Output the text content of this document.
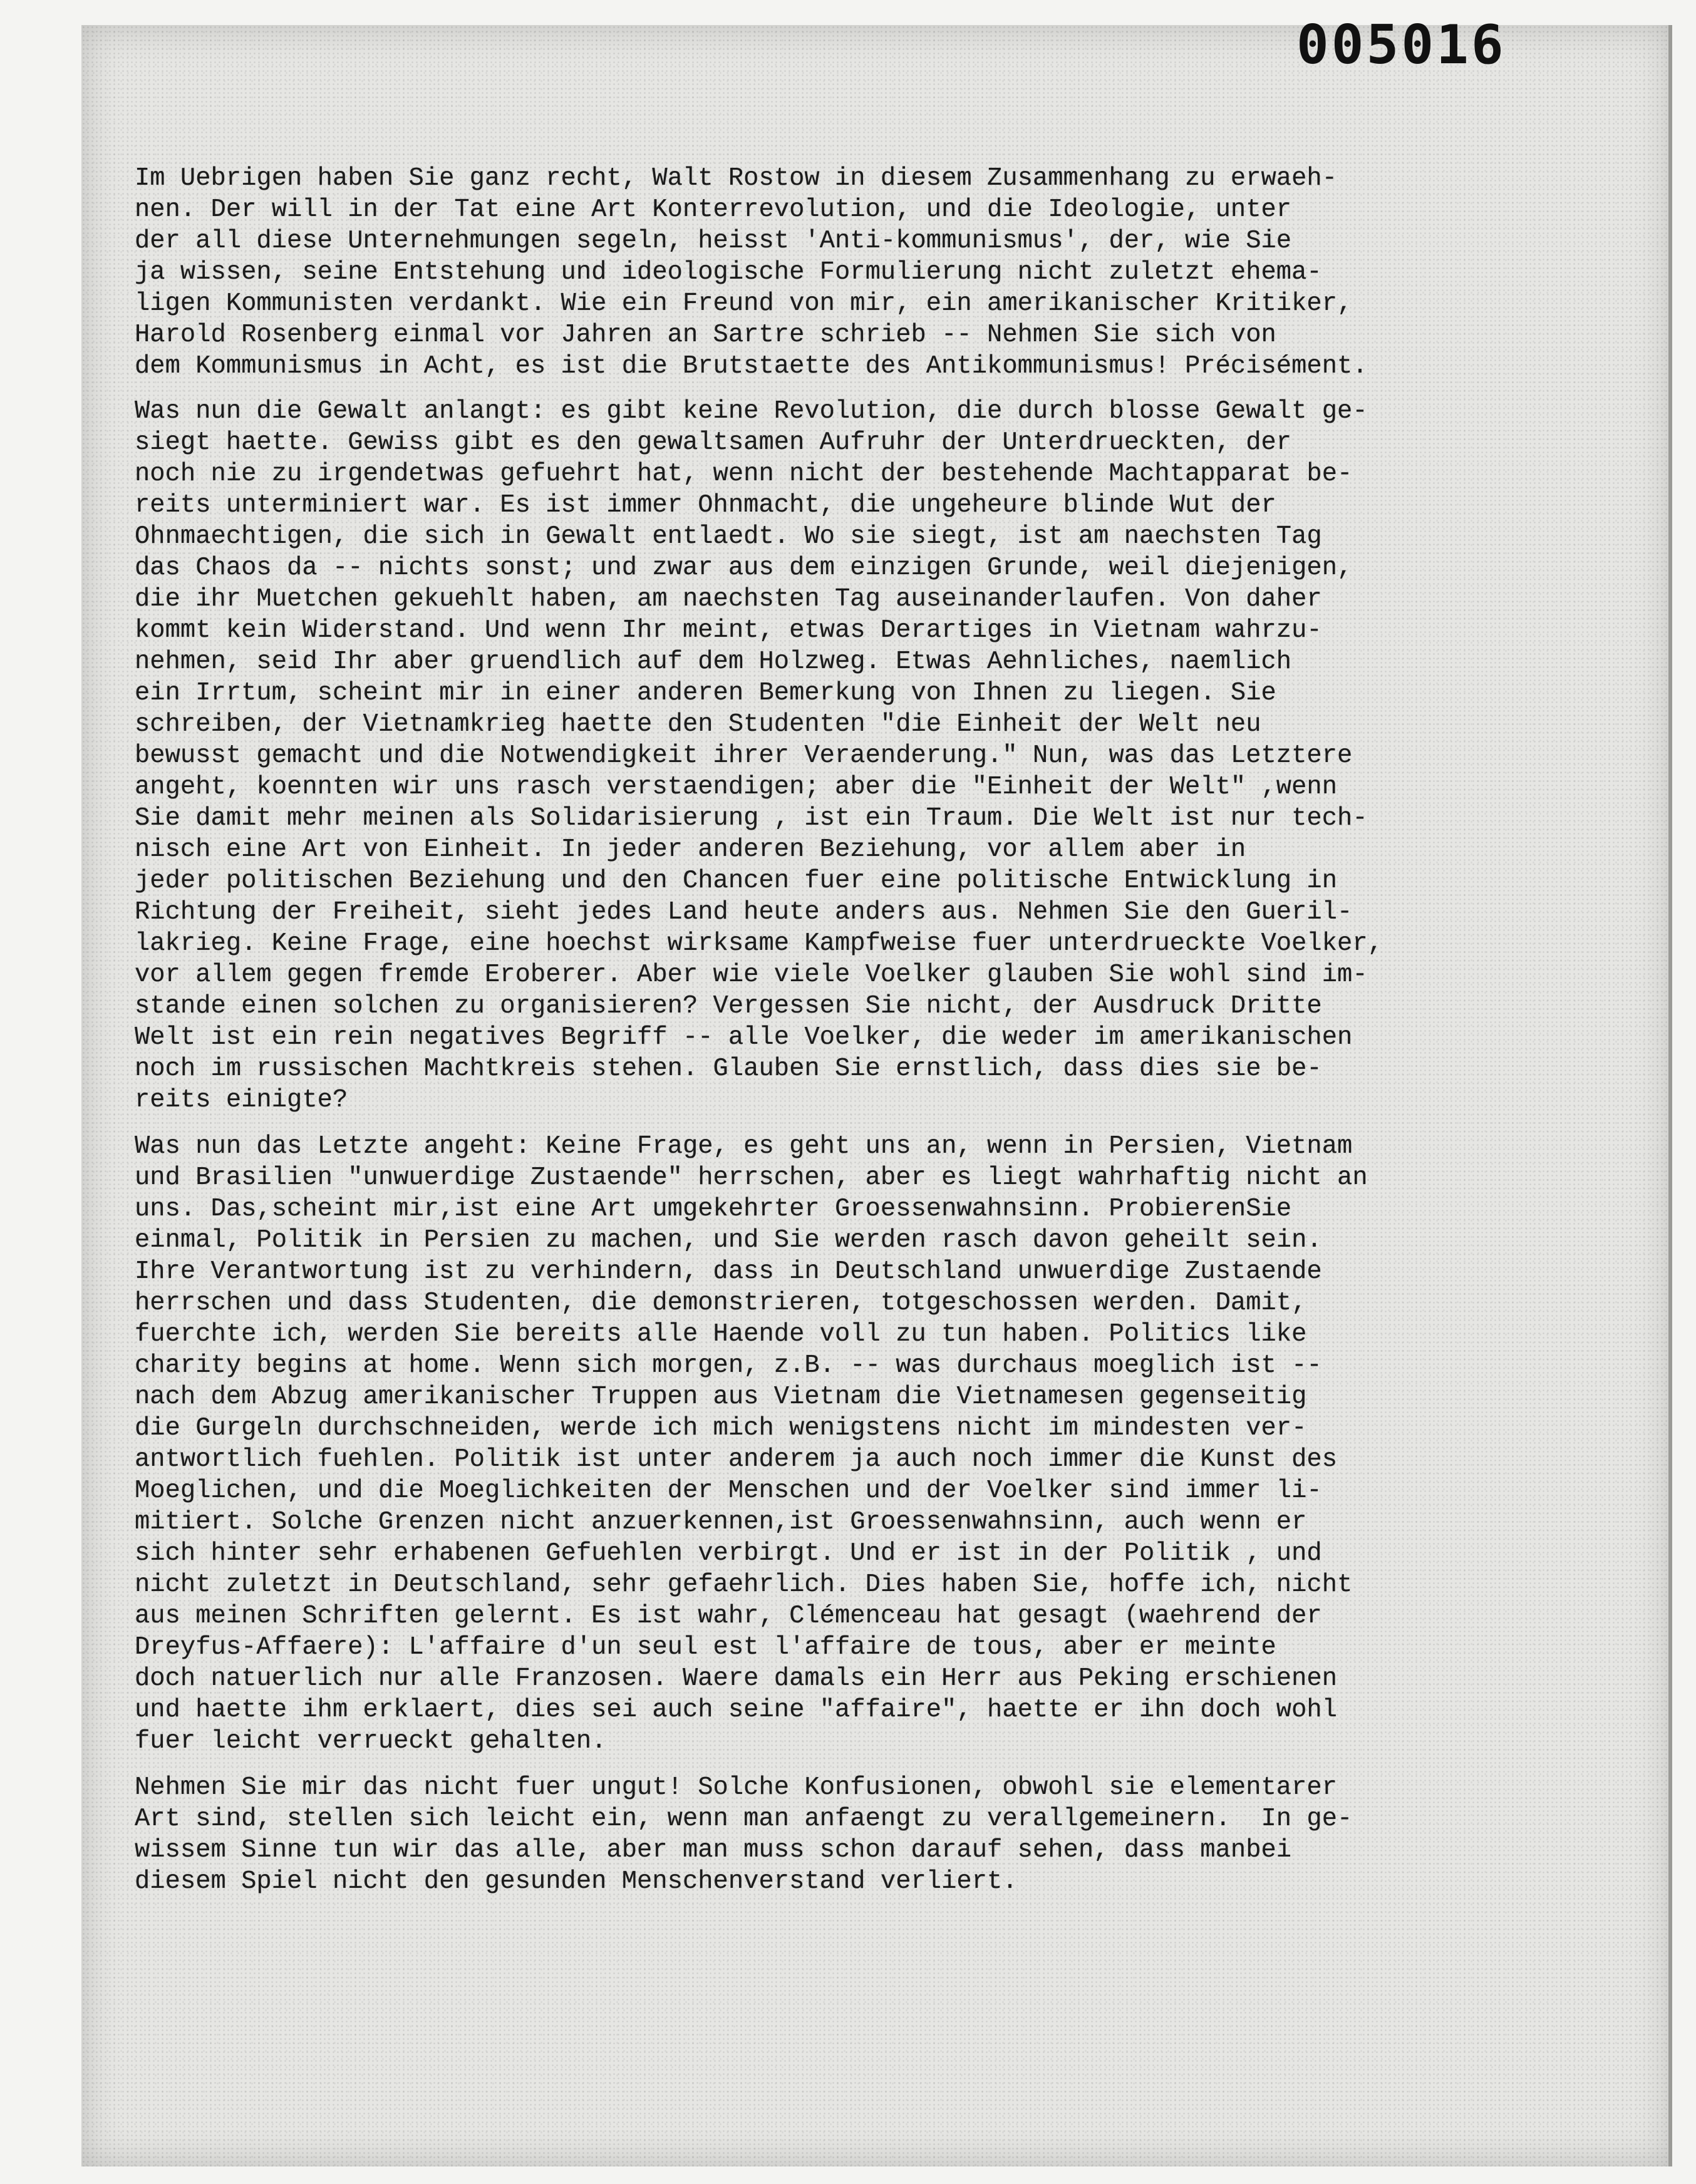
005016
Im Uebrigen haben Sie ganz recht, Walt Rostow in diesem Zusammenhang zu erwaeh-
nen. Der will in der Tat eine Art Konterrevolution, und die Ideologie, unter
der all diese Unternehmungen segeln, heisst 'Anti-kommunismus', der, wie Sie
ja wissen, seine Entstehung und ideologische Formulierung nicht zuletzt ehema-
ligen Kommunisten verdankt. Wie ein Freund von mir, ein amerikanischer Kritiker,
Harold Rosenberg einmal vor Jahren an Sartre schrieb -- Nehmen Sie sich von
dem Kommunismus in Acht, es ist die Brutstaette des Antikommunismus! Précisément.
Was nun die Gewalt anlangt: es gibt keine Revolution, die durch blosse Gewalt ge-
siegt haette. Gewiss gibt es den gewaltsamen Aufruhr der Unterdrueckten, der
noch nie zu irgendetwas gefuehrt hat, wenn nicht der bestehende Machtapparat be-
reits unterminiert war. Es ist immer Ohnmacht, die ungeheure blinde Wut der
Ohnmaechtigen, die sich in Gewalt entlaedt. Wo sie siegt, ist am naechsten Tag
das Chaos da -- nichts sonst; und zwar aus dem einzigen Grunde, weil diejenigen,
die ihr Muetchen gekuehlt haben, am naechsten Tag auseinanderlaufen. Von daher
kommt kein Widerstand. Und wenn Ihr meint, etwas Derartiges in Vietnam wahrzu-
nehmen, seid Ihr aber gruendlich auf dem Holzweg. Etwas Aehnliches, naemlich
ein Irrtum, scheint mir in einer anderen Bemerkung von Ihnen zu liegen. Sie
schreiben, der Vietnamkrieg haette den Studenten "die Einheit der Welt neu
bewusst gemacht und die Notwendigkeit ihrer Veraenderung." Nun, was das Letztere
angeht, koennten wir uns rasch verstaendigen; aber die "Einheit der Welt" ,wenn
Sie damit mehr meinen als Solidarisierung , ist ein Traum. Die Welt ist nur tech-
nisch eine Art von Einheit. In jeder anderen Beziehung, vor allem aber in
jeder politischen Beziehung und den Chancen fuer eine politische Entwicklung in
Richtung der Freiheit, sieht jedes Land heute anders aus. Nehmen Sie den Gueril-
lakrieg. Keine Frage, eine hoechst wirksame Kampfweise fuer unterdrueckte Voelker,
vor allem gegen fremde Eroberer. Aber wie viele Voelker glauben Sie wohl sind im-
stande einen solchen zu organisieren? Vergessen Sie nicht, der Ausdruck Dritte
Welt ist ein rein negatives Begriff -- alle Voelker, die weder im amerikanischen
noch im russischen Machtkreis stehen. Glauben Sie ernstlich, dass dies sie be-
reits einigte?
Was nun das Letzte angeht: Keine Frage, es geht uns an, wenn in Persien, Vietnam
und Brasilien "unwuerdige Zustaende" herrschen, aber es liegt wahrhaftig nicht an
uns. Das,scheint mir,ist eine Art umgekehrter Groessenwahnsinn. ProbierenSie
einmal, Politik in Persien zu machen, und Sie werden rasch davon geheilt sein.
Ihre Verantwortung ist zu verhindern, dass in Deutschland unwuerdige Zustaende
herrschen und dass Studenten, die demonstrieren, totgeschossen werden. Damit,
fuerchte ich, werden Sie bereits alle Haende voll zu tun haben. Politics like
charity begins at home. Wenn sich morgen, z.B. -- was durchaus moeglich ist --
nach dem Abzug amerikanischer Truppen aus Vietnam die Vietnamesen gegenseitig
die Gurgeln durchschneiden, werde ich mich wenigstens nicht im mindesten ver-
antwortlich fuehlen. Politik ist unter anderem ja auch noch immer die Kunst des
Moeglichen, und die Moeglichkeiten der Menschen und der Voelker sind immer li-
mitiert. Solche Grenzen nicht anzuerkennen,ist Groessenwahnsinn, auch wenn er
sich hinter sehr erhabenen Gefuehlen verbirgt. Und er ist in der Politik , und
nicht zuletzt in Deutschland, sehr gefaehrlich. Dies haben Sie, hoffe ich, nicht
aus meinen Schriften gelernt. Es ist wahr, Clémenceau hat gesagt (waehrend der
Dreyfus-Affaere): L'affaire d'un seul est l'affaire de tous, aber er meinte
doch natuerlich nur alle Franzosen. Waere damals ein Herr aus Peking erschienen
und haette ihm erklaert, dies sei auch seine "affaire", haette er ihn doch wohl
fuer leicht verrueckt gehalten.
Nehmen Sie mir das nicht fuer ungut! Solche Konfusionen, obwohl sie elementarer
Art sind, stellen sich leicht ein, wenn man anfaengt zu verallgemeinern.  In ge-
wissem Sinne tun wir das alle, aber man muss schon darauf sehen, dass manbei
diesem Spiel nicht den gesunden Menschenverstand verliert.
